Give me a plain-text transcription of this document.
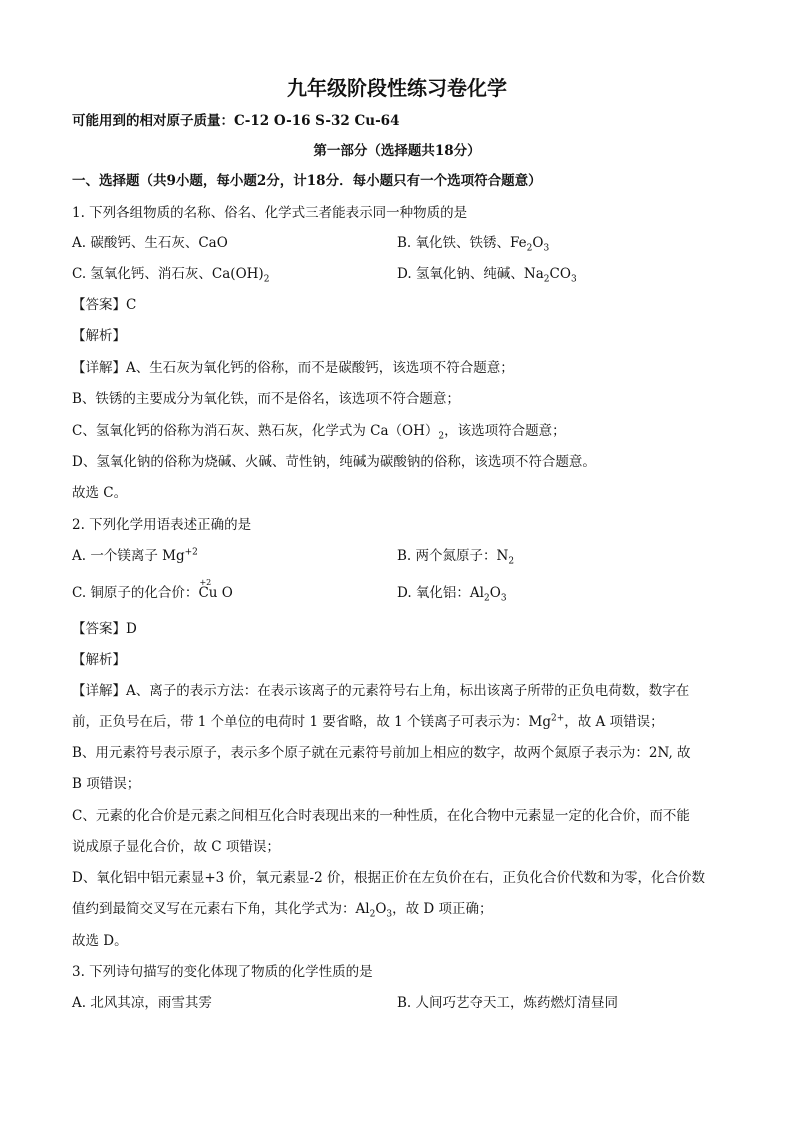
九年级阶段性练习卷化学
可能用到的相对原子质量：C-12 O-16 S-32 Cu-64
第一部分（选择题共18分）
一、选择题（共9小题，每小题2分，计18分．每小题只有一个选项符合题意）
1. 下列各组物质的名称、俗名、化学式三者能表示同一种物质的是
A. 碳酸钙、生石灰、CaO	B. 氧化铁、铁锈、$Fe_2O_3$
C. 氢氧化钙、消石灰、$Ca(OH)_2$	D. 氢氧化钠、纯碱、$Na_2CO_3$
【答案】C
【解析】
【详解】A、生石灰为氧化钙的俗称，而不是碳酸钙，该选项不符合题意；
B、铁锈的主要成分为氧化铁，而不是俗名，该选项不符合题意；
C、氢氧化钙的俗称为消石灰、熟石灰，化学式为 $Ca(OH)_2$，该选项符合题意；
D、氢氧化钠的俗称为烧碱、火碱、苛性钠，纯碱为碳酸钠的俗称，该选项不符合题意。
故选 C。
2. 下列化学用语表述正确的是
A. 一个镁离子 $Mg^{+2}$	B. 两个氮原子：$N_2$
C. 铜原子的化合价：
+2
Cu O	D. 氧化铝：$Al_2O_3$
【答案】D
【解析】
【详解】A、离子的表示方法：在表示该离子的元素符号右上角，标出该离子所带的正负电荷数，数字在
前，正负号在后，带 1 个单位的电荷时 1 要省略，故 1 个镁离子可表示为：$Mg^{2+}$，故 A 项错误；
B、用元素符号表示原子，表示多个原子就在元素符号前加上相应的数字，故两个氮原子表示为：2N, 故
B 项错误；
C、元素的化合价是元素之间相互化合时表现出来的一种性质，在化合物中元素显一定的化合价，而不能
说成原子显化合价，故 C 项错误；
D、氧化铝中铝元素显+3 价，氧元素显-2 价，根据正价在左负价在右，正负化合价代数和为零，化合价数
值约到最简交叉写在元素右下角，其化学式为：$Al_2O_3$，故 D 项正确；
故选 D。
3. 下列诗句描写的变化体现了物质的化学性质的是
A. 北风其凉，雨雪其雱	B. 人间巧艺夺天工，炼药燃灯清昼同
